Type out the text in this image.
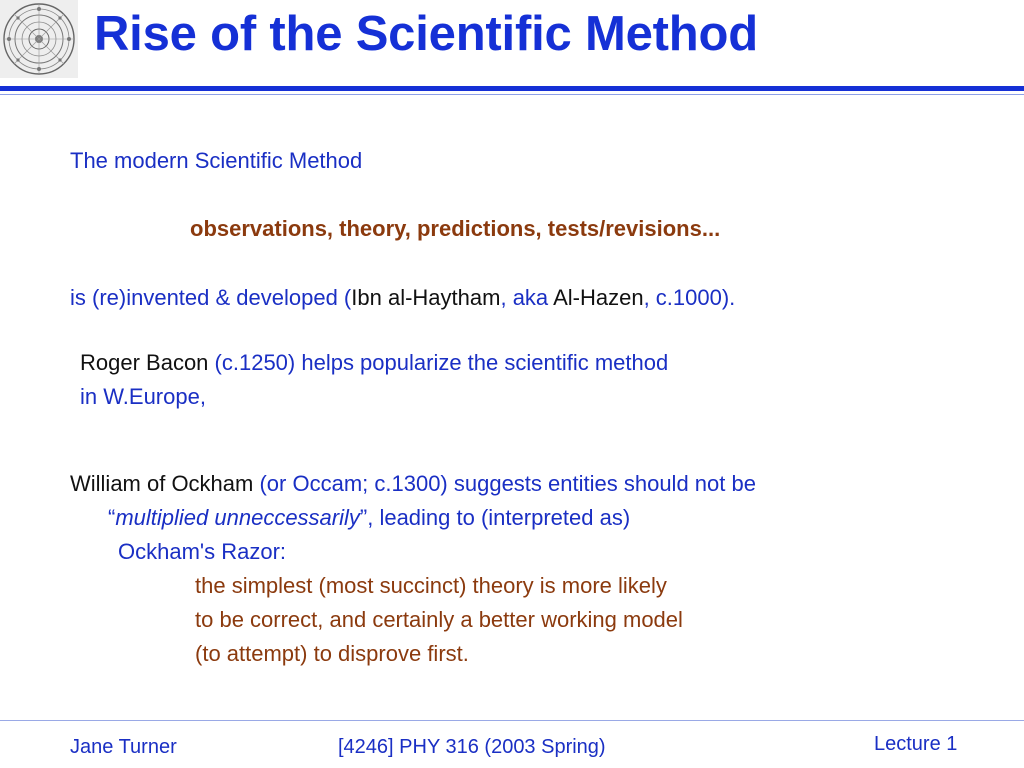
Rise of the Scientific Method
The modern Scientific Method
observations, theory, predictions, tests/revisions...
is (re)invented & developed (Ibn al-Haytham, aka Al-Hazen, c.1000).
Roger Bacon (c.1250) helps popularize the scientific method
in W.Europe,
William of Ockham (or Occam; c.1300) suggests entities should not be
“multiplied unneccessarily”, leading to (interpreted as)
Ockham's Razor:
the simplest (most succinct) theory is more likely
to be correct, and certainly a better working model
(to attempt) to disprove first.
Jane Turner	[4246] PHY 316 (2003 Spring)	Lecture 1
